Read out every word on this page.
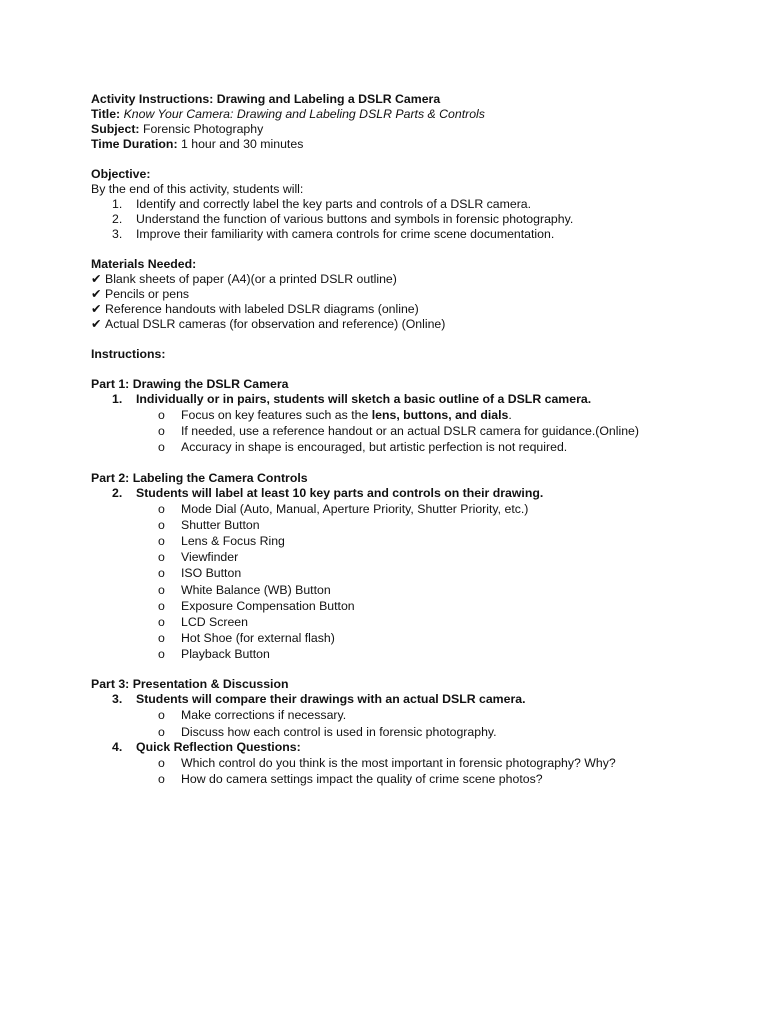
Activity Instructions: Drawing and Labeling a DSLR Camera
Title: Know Your Camera: Drawing and Labeling DSLR Parts & Controls
Subject: Forensic Photography
Time Duration: 1 hour and 30 minutes
Objective:
By the end of this activity, students will:
1. Identify and correctly label the key parts and controls of a DSLR camera.
2. Understand the function of various buttons and symbols in forensic photography.
3. Improve their familiarity with camera controls for crime scene documentation.
Materials Needed:
✔ Blank sheets of paper (A4)(or a printed DSLR outline)
✔ Pencils or pens
✔ Reference handouts with labeled DSLR diagrams (online)
✔ Actual DSLR cameras (for observation and reference) (Online)
Instructions:
Part 1: Drawing the DSLR Camera
1. Individually or in pairs, students will sketch a basic outline of a DSLR camera.
o Focus on key features such as the lens, buttons, and dials.
o If needed, use a reference handout or an actual DSLR camera for guidance.(Online)
o Accuracy in shape is encouraged, but artistic perfection is not required.
Part 2: Labeling the Camera Controls
2. Students will label at least 10 key parts and controls on their drawing.
o Mode Dial (Auto, Manual, Aperture Priority, Shutter Priority, etc.)
o Shutter Button
o Lens & Focus Ring
o Viewfinder
o ISO Button
o White Balance (WB) Button
o Exposure Compensation Button
o LCD Screen
o Hot Shoe (for external flash)
o Playback Button
Part 3: Presentation & Discussion
3. Students will compare their drawings with an actual DSLR camera.
o Make corrections if necessary.
o Discuss how each control is used in forensic photography.
4. Quick Reflection Questions:
o Which control do you think is the most important in forensic photography? Why?
o How do camera settings impact the quality of crime scene photos?
